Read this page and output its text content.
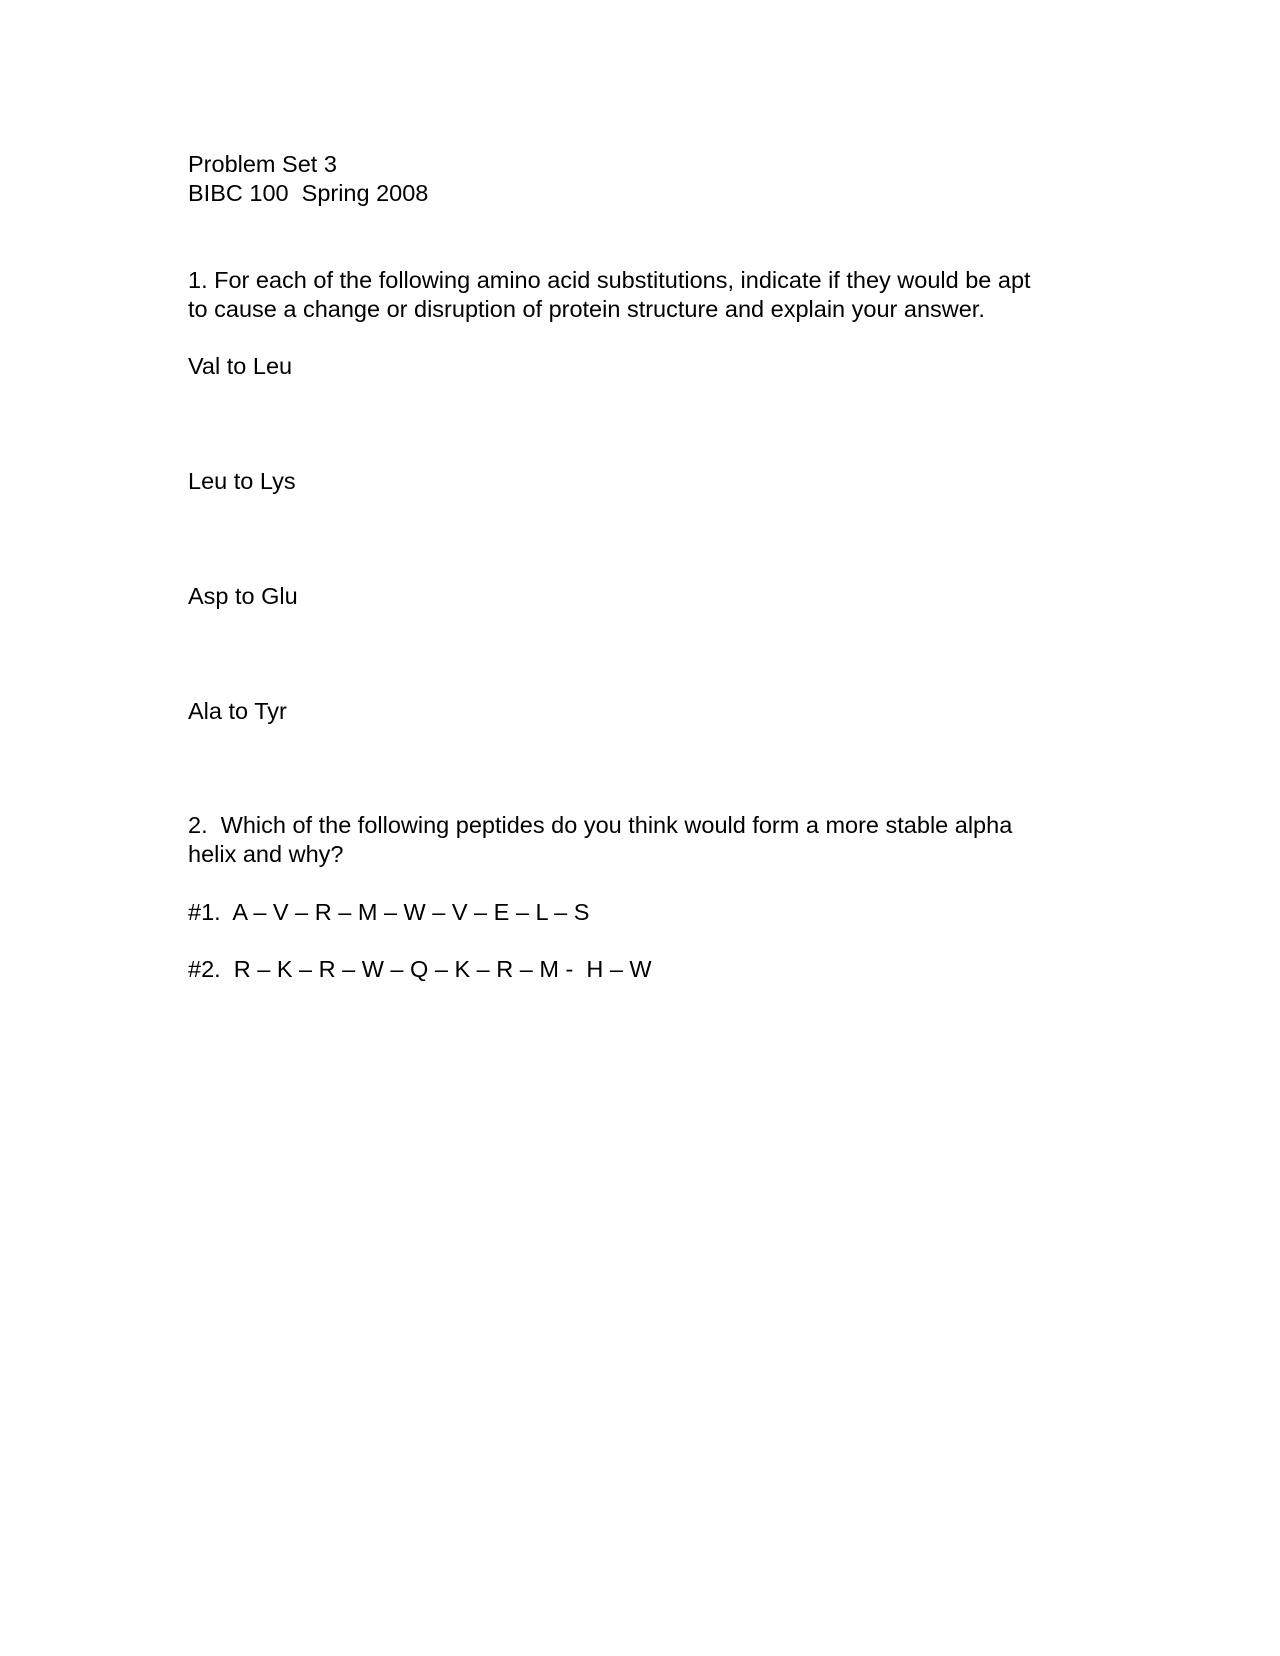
Problem Set 3

BIBC 100  Spring 2008

1. For each of the following amino acid substitutions, indicate if they would be apt

to cause a change or disruption of protein structure and explain your answer.

Val to Leu

Leu to Lys

Asp to Glu

Ala to Tyr

2.  Which of the following peptides do you think would form a more stable alpha

helix and why?

#1.  A – V – R – M – W – V – E – L – S

#2.  R – K – R – W – Q – K – R – M -  H – W
